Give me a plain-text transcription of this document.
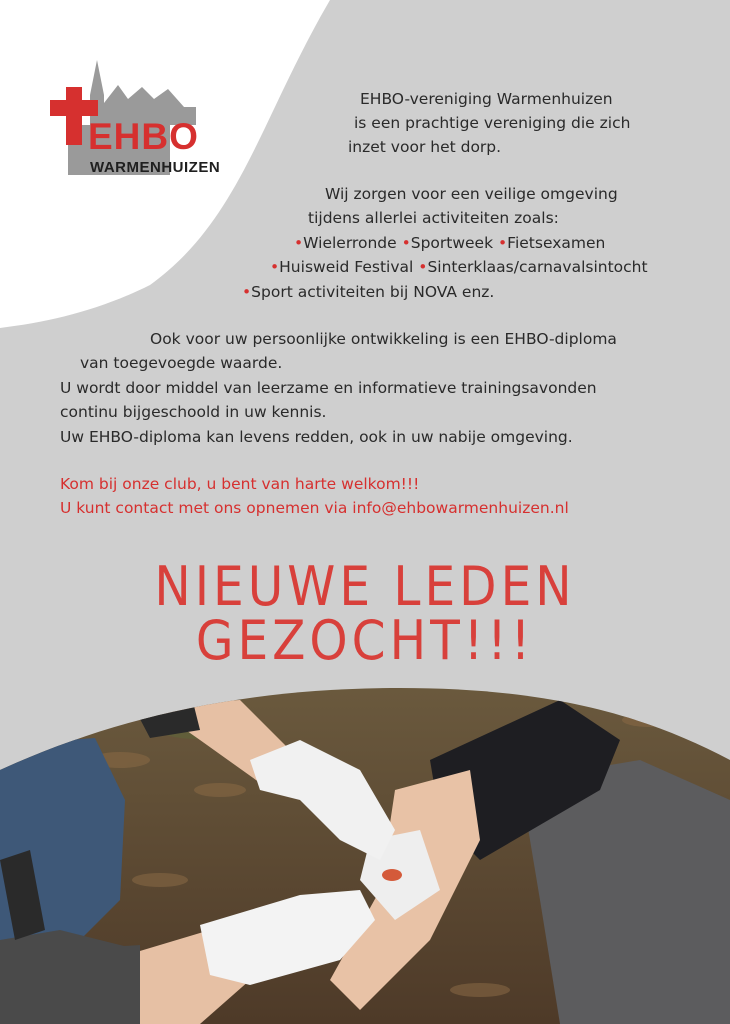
EHBO
WARMENHUIZEN
EHBO-vereniging Warmenhuizen
is een prachtige vereniging die zich
inzet voor het dorp.
Wij zorgen voor een veilige omgeving
tijdens allerlei activiteiten zoals:
•Wielerronde •Sportweek •Fietsexamen
•Huisweid Festival •Sinterklaas/carnavalsintocht
•Sport activiteiten bij NOVA enz.
Ook voor uw persoonlijke ontwikkeling is een EHBO-diploma
van toegevoegde waarde.
U wordt door middel van leerzame en informatieve trainingsavonden
continu bijgeschoold in uw kennis.
Uw EHBO-diploma kan levens redden, ook in uw nabije omgeving.
Kom bij onze club, u bent van harte welkom!!!
U kunt contact met ons opnemen via info@ehbowarmenhuizen.nl
NIEUWE LEDEN GEZOCHT!!!
